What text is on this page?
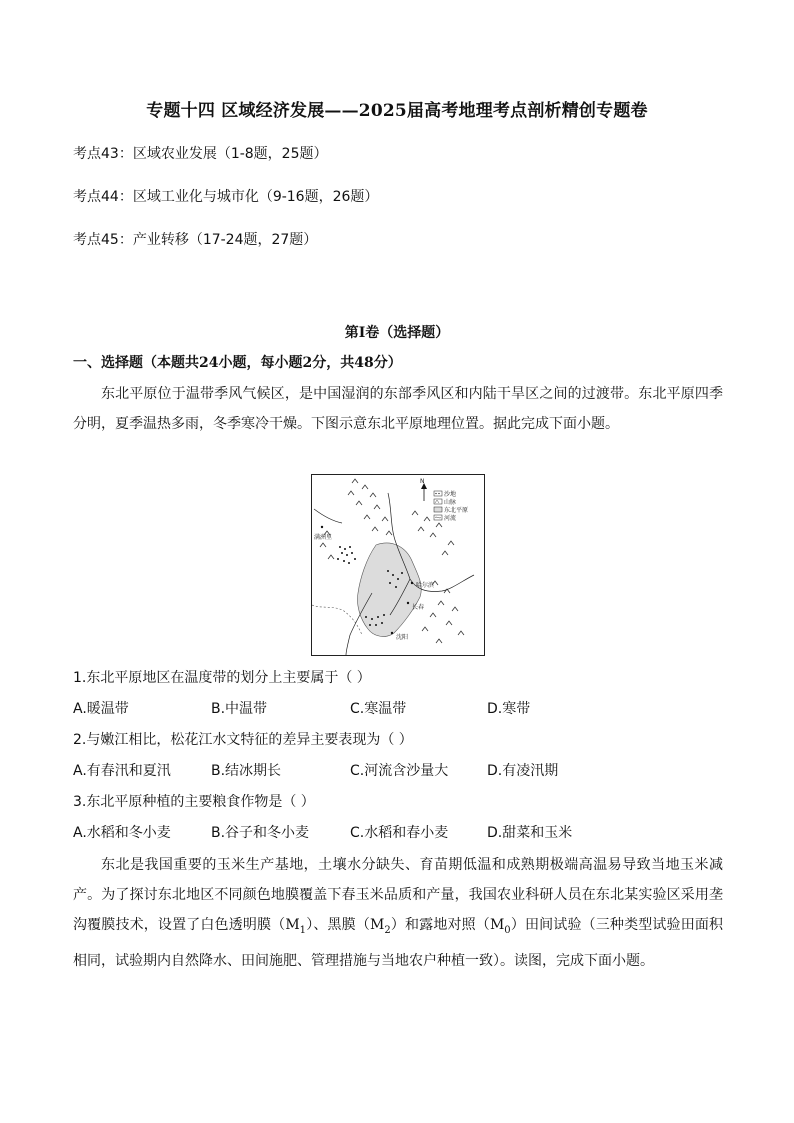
专题十四 区域经济发展——2025届高考地理考点剖析精创专题卷
考点43：区域农业发展（1-8题，25题）
考点44：区域工业化与城市化（9-16题，26题）
考点45：产业转移（17-24题，27题）
第I卷（选择题）
一、选择题（本题共24小题，每小题2分，共48分）
东北平原位于温带季风气候区，是中国湿润的东部季风区和内陆干旱区之间的过渡带。东北平原四季分明，夏季温热多雨，冬季寒冷干燥。下图示意东北平原地理位置。据此完成下面小题。
N
沙地
山脉
东北平原
河流
满洲里
哈尔滨
长春
沈阳
1.东北平原地区在温度带的划分上主要属于（ ）
A.暖温带	B.中温带	C.寒温带	D.寒带
2.与嫩江相比，松花江水文特征的差异主要表现为（ ）
A.有春汛和夏汛	B.结冰期长	C.河流含沙量大	D.有凌汛期
3.东北平原种植的主要粮食作物是（ ）
A.水稻和冬小麦	B.谷子和冬小麦	C.水稻和春小麦	D.甜菜和玉米
东北是我国重要的玉米生产基地，土壤水分缺失、育苗期低温和成熟期极端高温易导致当地玉米减产。为了探讨东北地区不同颜色地膜覆盖下春玉米品质和产量，我国农业科研人员在东北某实验区采用垄沟覆膜技术，设置了白色透明膜$(M_1)$、黑膜$(M_2)$和露地对照$(M_0)$田间试验（三种类型试验田面积相同，试验期内自然降水、田间施肥、管理措施与当地农户种植一致）。读图，完成下面小题。
